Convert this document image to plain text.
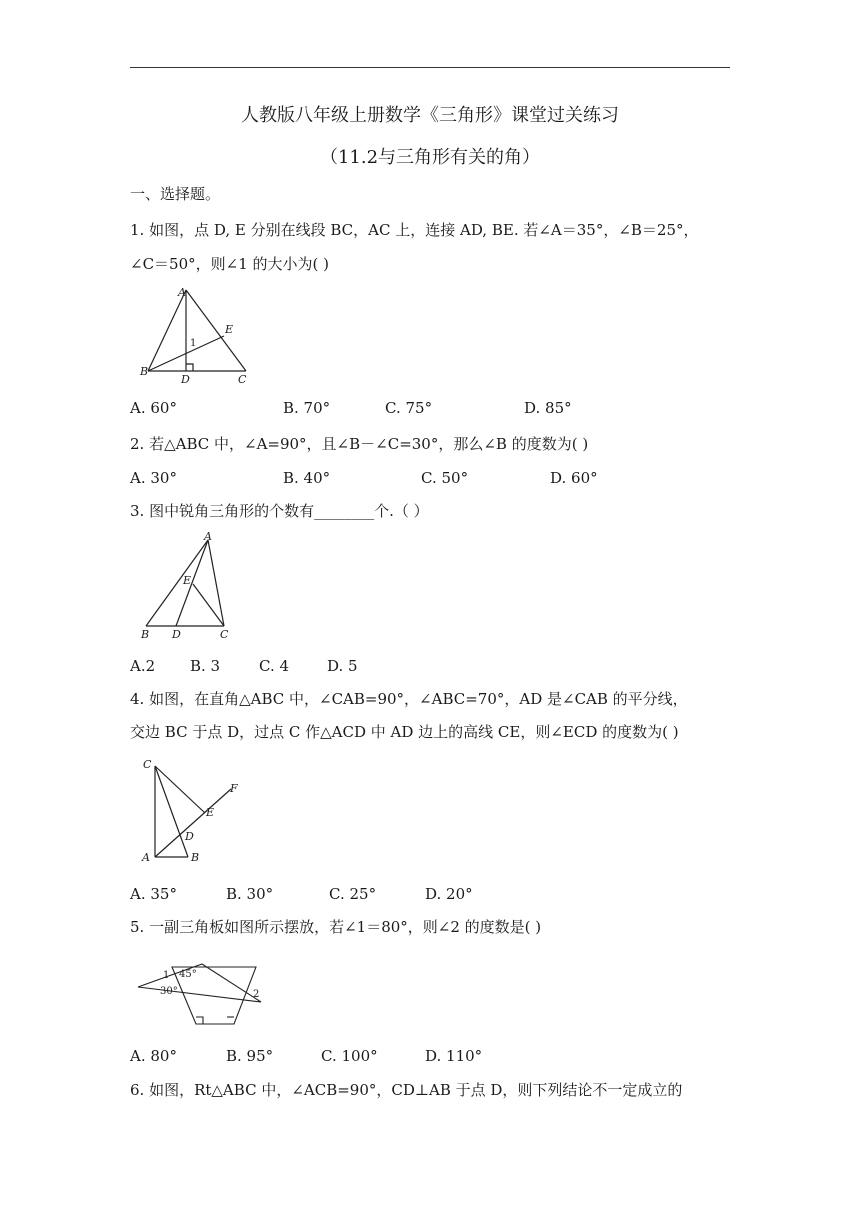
人教版八年级上册数学《三角形》课堂过关练习
（11.2与三角形有关的角）
一、选择题。
1. 如图，点 D, E 分别在线段 BC，AC 上，连接 AD, BE. 若∠A＝35°，∠B＝25°，
∠C＝50°，则∠1 的大小为( )
A
E
1
B
D	C
A. 60°	B. 70°	C. 75°	D. 85°
2. 若△ABC 中，∠A=90°，且∠B－∠C=30°，那么∠B 的度数为( )
A. 30°	B. 40°	C. 50°	D. 60°
3. 图中锐角三角形的个数有________个.（ ）
A
E
B D	C
A.2 B. 3	C. 4	D. 5
4. 如图，在直角△ABC 中，∠CAB=90°，∠ABC=70°，AD 是∠CAB 的平分线，
交边 BC 于点 D，过点 C 作△ACD 中 AD 边上的高线 CE，则∠ECD 的度数为( )
C
F
E
D
A	B
A. 35°	B. 30°	C. 25°	D. 20°
5. 一副三角板如图所示摆放，若∠1＝80°，则∠2 的度数是( )
1 45°
30°	2
A. 80°	B. 95°	C. 100°	D. 110°
6. 如图，Rt△ABC 中，∠ACB=90°，CD⊥AB 于点 D，则下列结论不一定成立的
